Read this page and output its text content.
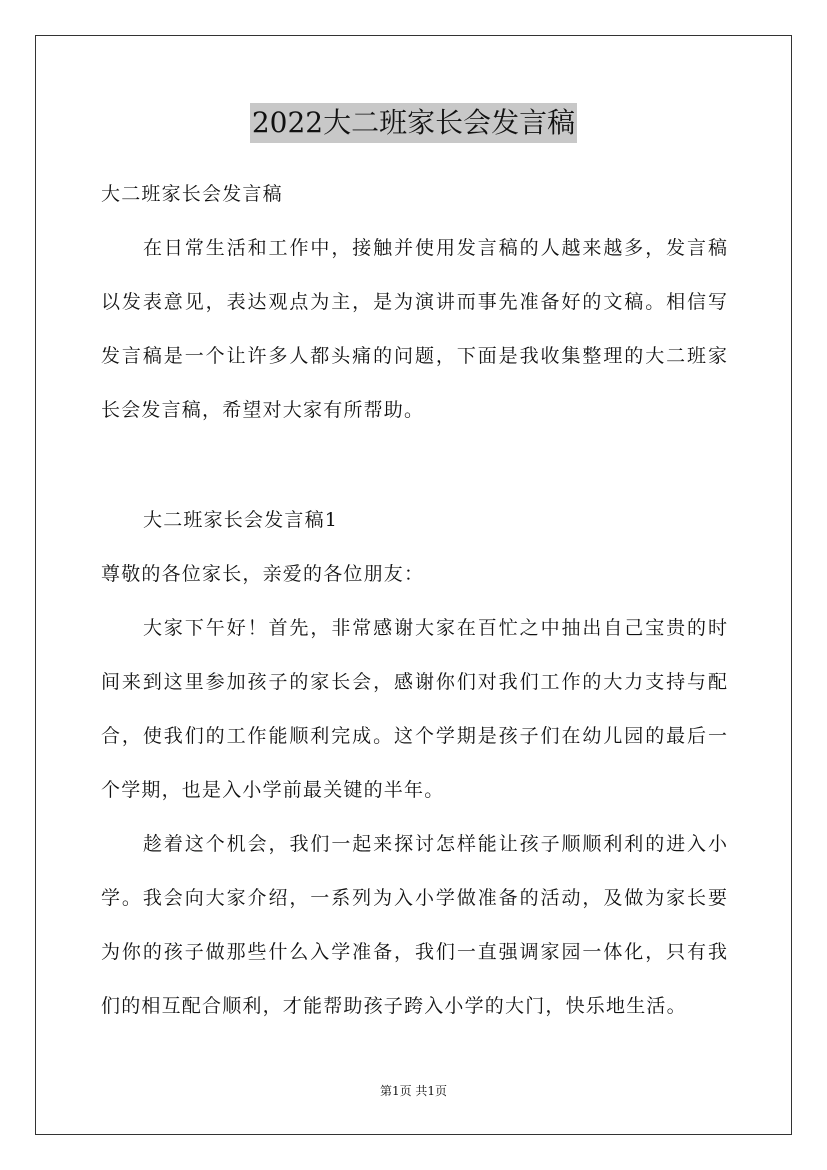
2022大二班家长会发言稿
大二班家长会发言稿
在日常生活和工作中，接触并使用发言稿的人越来越多，发言稿
以发表意见，表达观点为主，是为演讲而事先准备好的文稿。相信写
发言稿是一个让许多人都头痛的问题，下面是我收集整理的大二班家
长会发言稿，希望对大家有所帮助。
大二班家长会发言稿1
尊敬的各位家长，亲爱的各位朋友：
大家下午好！首先，非常感谢大家在百忙之中抽出自己宝贵的时
间来到这里参加孩子的家长会，感谢你们对我们工作的大力支持与配
合，使我们的工作能顺利完成。这个学期是孩子们在幼儿园的最后一
个学期，也是入小学前最关键的半年。
趁着这个机会，我们一起来探讨怎样能让孩子顺顺利利的进入小
学。我会向大家介绍，一系列为入小学做准备的活动，及做为家长要
为你的孩子做那些什么入学准备，我们一直强调家园一体化，只有我
们的相互配合顺利，才能帮助孩子跨入小学的大门，快乐地生活。
第1页 共1页
